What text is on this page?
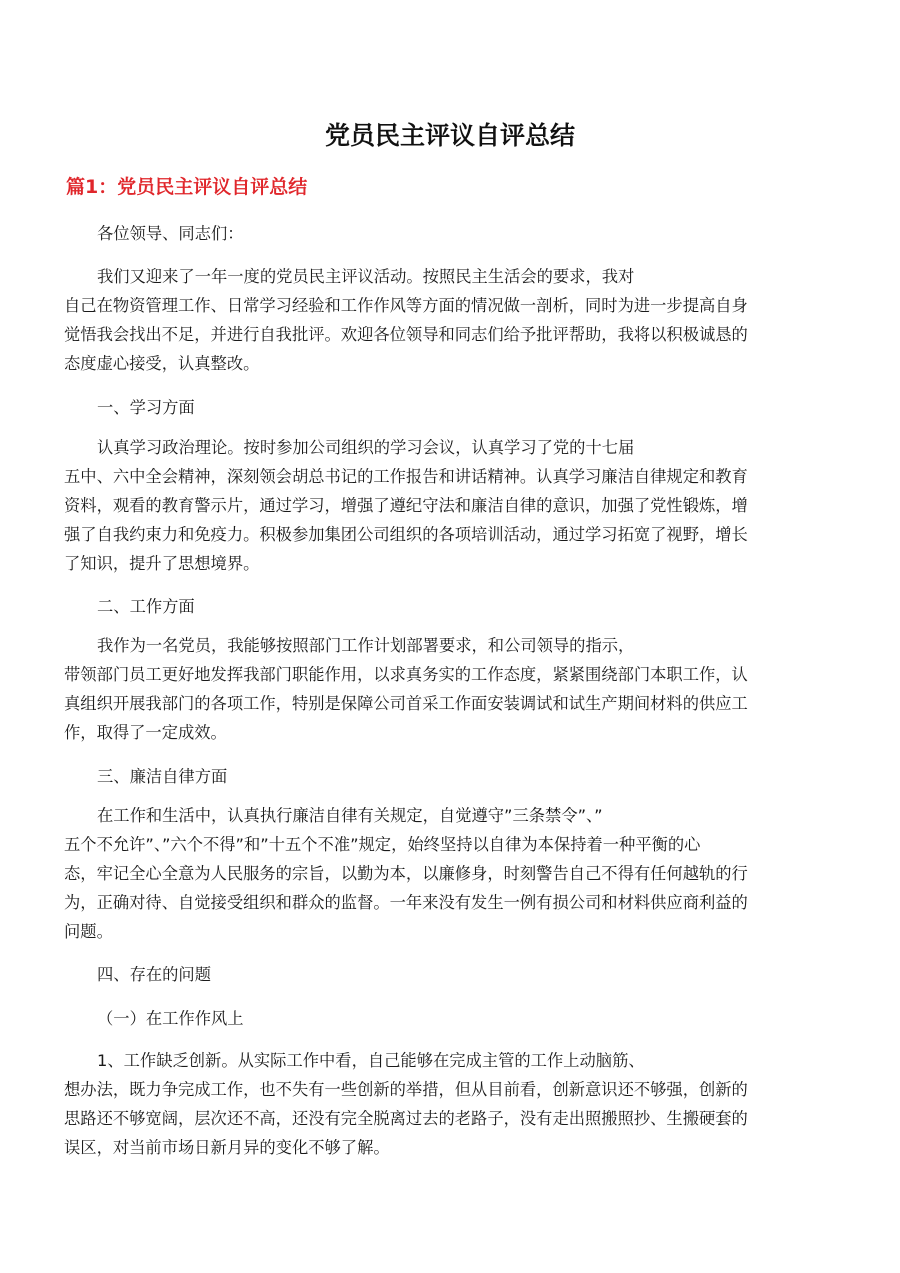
党员民主评议自评总结
篇1：党员民主评议自评总结
各位领导、同志们：
我们又迎来了一年一度的党员民主评议活动。按照民主生活会的要求，我对
自己在物资管理工作、日常学习经验和工作作风等方面的情况做一剖析，同时为进一步提高自身
觉悟我会找出不足，并进行自我批评。欢迎各位领导和同志们给予批评帮助，我将以积极诚恳的
态度虚心接受，认真整改。
一、学习方面
认真学习政治理论。按时参加公司组织的学习会议，认真学习了党的十七届
五中、六中全会精神，深刻领会胡总书记的工作报告和讲话精神。认真学习廉洁自律规定和教育
资料，观看的教育警示片，通过学习，增强了遵纪守法和廉洁自律的意识，加强了党性锻炼，增
强了自我约束力和免疫力。积极参加集团公司组织的各项培训活动，通过学习拓宽了视野，增长
了知识，提升了思想境界。
二、工作方面
我作为一名党员，我能够按照部门工作计划部署要求，和公司领导的指示，
带领部门员工更好地发挥我部门职能作用，以求真务实的工作态度，紧紧围绕部门本职工作，认
真组织开展我部门的各项工作，特别是保障公司首采工作面安装调试和试生产期间材料的供应工
作，取得了一定成效。
三、廉洁自律方面
在工作和生活中，认真执行廉洁自律有关规定，自觉遵守”三条禁令”、”
五个不允许”、”六个不得”和”十五个不准”规定，始终坚持以自律为本保持着一种平衡的心
态，牢记全心全意为人民服务的宗旨，以勤为本，以廉修身，时刻警告自己不得有任何越轨的行
为，正确对待、自觉接受组织和群众的监督。一年来没有发生一例有损公司和材料供应商利益的
问题。
四、存在的问题
（一）在工作作风上
1、工作缺乏创新。从实际工作中看，自己能够在完成主管的工作上动脑筋、
想办法，既力争完成工作，也不失有一些创新的举措，但从目前看，创新意识还不够强，创新的
思路还不够宽阔，层次还不高，还没有完全脱离过去的老路子，没有走出照搬照抄、生搬硬套的
误区，对当前市场日新月异的变化不够了解。
